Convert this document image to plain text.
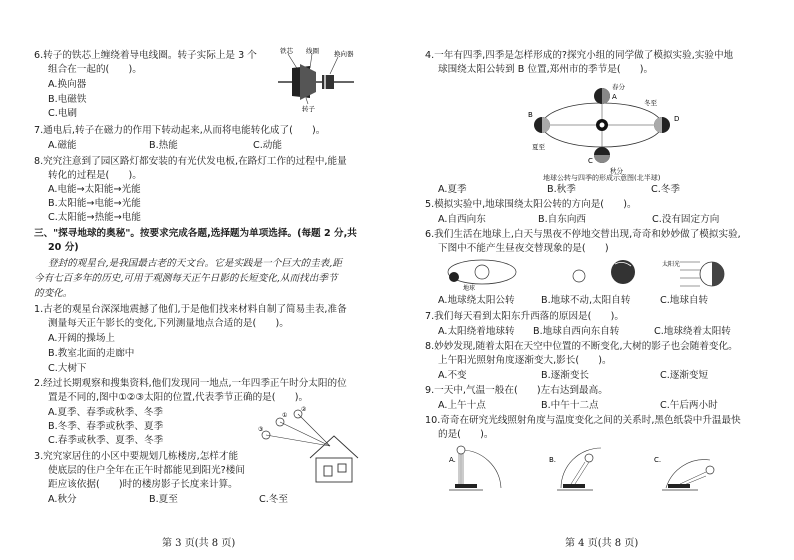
6.转子的铁芯上缠绕着导电线圈。转子实际上是 3 个
组合在一起的(　　)。
A.换向器
B.电磁铁
C.电刷
铁芯 线圈 换向器
转子
7.通电后,转子在磁力的作用下转动起来,从而将电能转化成了(　　)。
A.磁能	B.热能	C.动能
8.究究注意到了园区路灯都安装的有光伏发电板,在路灯工作的过程中,能量
转化的过程是(　　)。
A.电能→太阳能→光能
B.太阳能→电能→光能
C.太阳能→热能→电能
三、"探寻地球的奥秘"。按要求完成各题,选择题为单项选择。(每题 2 分,共
20 分)
登封的观星台,是我国最古老的天文台。它是实践是一个巨大的圭表,距
今有七百多年的历史,可用于观测每天正午日影的长短变化,从而找出季节
的变化。
1.古老的观星台深深地震撼了他们,于是他们找来材料自制了简易圭表,准备
测量每天正午影长的变化,下列测量地点合适的是(　　)。
A.开阔的操场上
B.教室北面的走廊中
C.大树下
2.经过长期观察和搜集资料,他们发现同一地点,一年四季正午时分太阳的位
置是不同的,图中①②③太阳的位置,代表季节正确的是(　　)。
A.夏季、春季或秋季、冬季
B.冬季、春季或秋季、夏季
C.春季或秋季、夏季、冬季
②
①
③
3.究究家居住的小区中要规划几栋楼房,怎样才能
使底层的住户全年在正午时都能见到阳光?楼间
距应该依据(　　)时的楼房影子长度来计算。
A.秋分	B.夏至	C.冬至
第 3 页(共 8 页)
4.一年有四季,四季是怎样形成的?探究小组的同学做了模拟实验,实验中地
球围绕太阳公转到 B 位置,郑州市的季节是(　　)。
春分
冬至
夏至
秋分
A
B
C
D
地球公转与四季的形成示意图(北半球)
A.夏季	B.秋季	C.冬季
5.模拟实验中,地球围绕太阳公转的方向是(　　)。
A.自西向东	B.自东向西	C.没有固定方向
6.我们生活在地球上,白天与黑夜不停地交替出现,奇奇和妙妙做了模拟实验,
下图中不能产生昼夜交替现象的是(　　)
地球
太阳光
A.地球绕太阳公转	B.地球不动,太阳自转	C.地球自转
7.我们每天看到太阳东升西落的原因是(　　)。
A.太阳绕着地球转 B.地球自西向东自转	C.地球绕着太阳转
8.妙妙发现,随着太阳在天空中位置的不断变化,大树的影子也会随着变化。
上午阳光照射角度逐渐变大,影长(　　)。
A.不变	B.逐渐变长	C.逐渐变短
9.一天中,气温一般在(　　)左右达到最高。
A.上午十点	B.中午十二点	C.午后两小时
10.奇奇在研究光线照射角度与温度变化之间的关系时,黑色纸袋中升温最快
的是(　　)。
A.	B.	C.
第 4 页(共 8 页)
